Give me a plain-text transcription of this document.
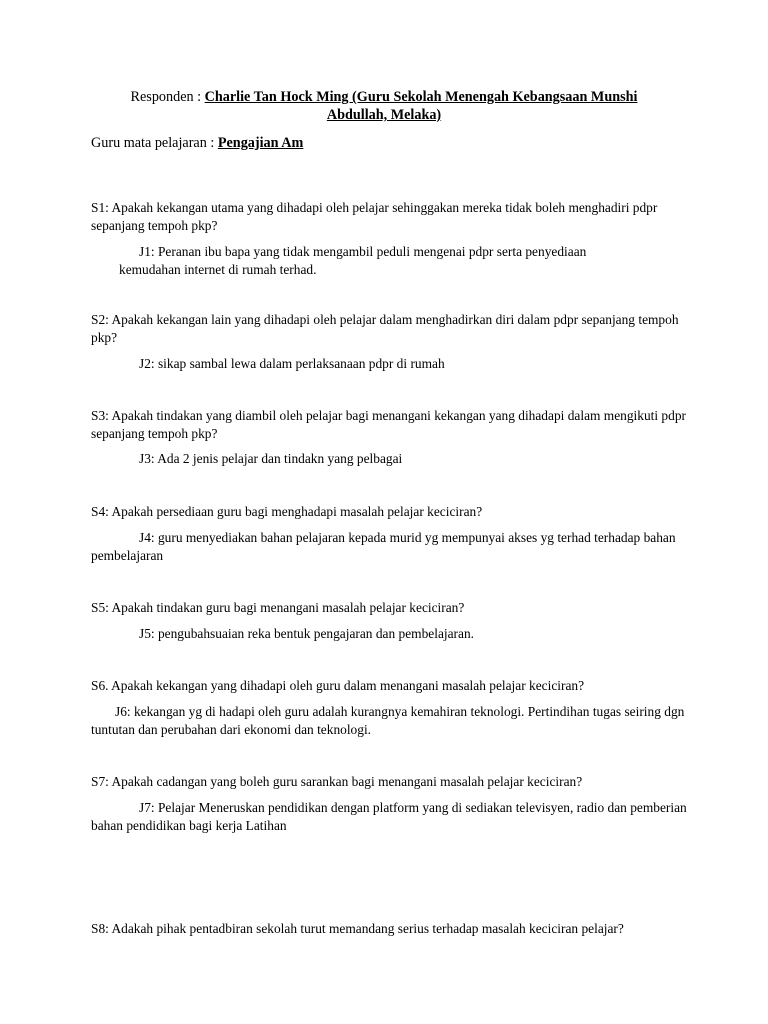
Responden : Charlie Tan Hock Ming (Guru Sekolah Menengah Kebangsaan Munshi
Abdullah, Melaka)
Guru mata pelajaran : Pengajian Am

S1: Apakah kekangan utama yang dihadapi oleh pelajar sehinggakan mereka tidak boleh menghadiri pdpr sepanjang tempoh pkp?

J1: Peranan ibu bapa yang tidak mengambil peduli mengenai pdpr serta penyediaan kemudahan internet di rumah terhad.

S2: Apakah kekangan lain yang dihadapi oleh pelajar dalam menghadirkan diri dalam pdpr sepanjang tempoh pkp?

J2: sikap sambal lewa dalam perlaksanaan pdpr di rumah

S3: Apakah tindakan yang diambil oleh pelajar bagi menangani kekangan yang dihadapi dalam mengikuti pdpr sepanjang tempoh pkp?

J3: Ada 2 jenis pelajar dan tindakn yang pelbagai

S4: Apakah persediaan guru bagi menghadapi masalah pelajar keciciran?

J4: guru menyediakan bahan pelajaran kepada murid yg mempunyai akses yg terhad terhadap bahan pembelajaran

S5: Apakah tindakan guru bagi menangani masalah pelajar keciciran?

J5: pengubahsuaian reka bentuk pengajaran dan pembelajaran.

S6. Apakah kekangan yang dihadapi oleh guru dalam menangani masalah pelajar keciciran?

J6: kekangan yg di hadapi oleh guru adalah kurangnya kemahiran teknologi. Pertindihan tugas seiring dgn tuntutan dan perubahan dari ekonomi dan teknologi.

S7: Apakah cadangan yang boleh guru sarankan bagi menangani masalah pelajar keciciran?

J7: Pelajar Meneruskan pendidikan dengan platform yang di sediakan televisyen, radio dan pemberian bahan pendidikan bagi kerja Latihan

S8: Adakah pihak pentadbiran sekolah turut memandang serius terhadap masalah keciciran pelajar?
